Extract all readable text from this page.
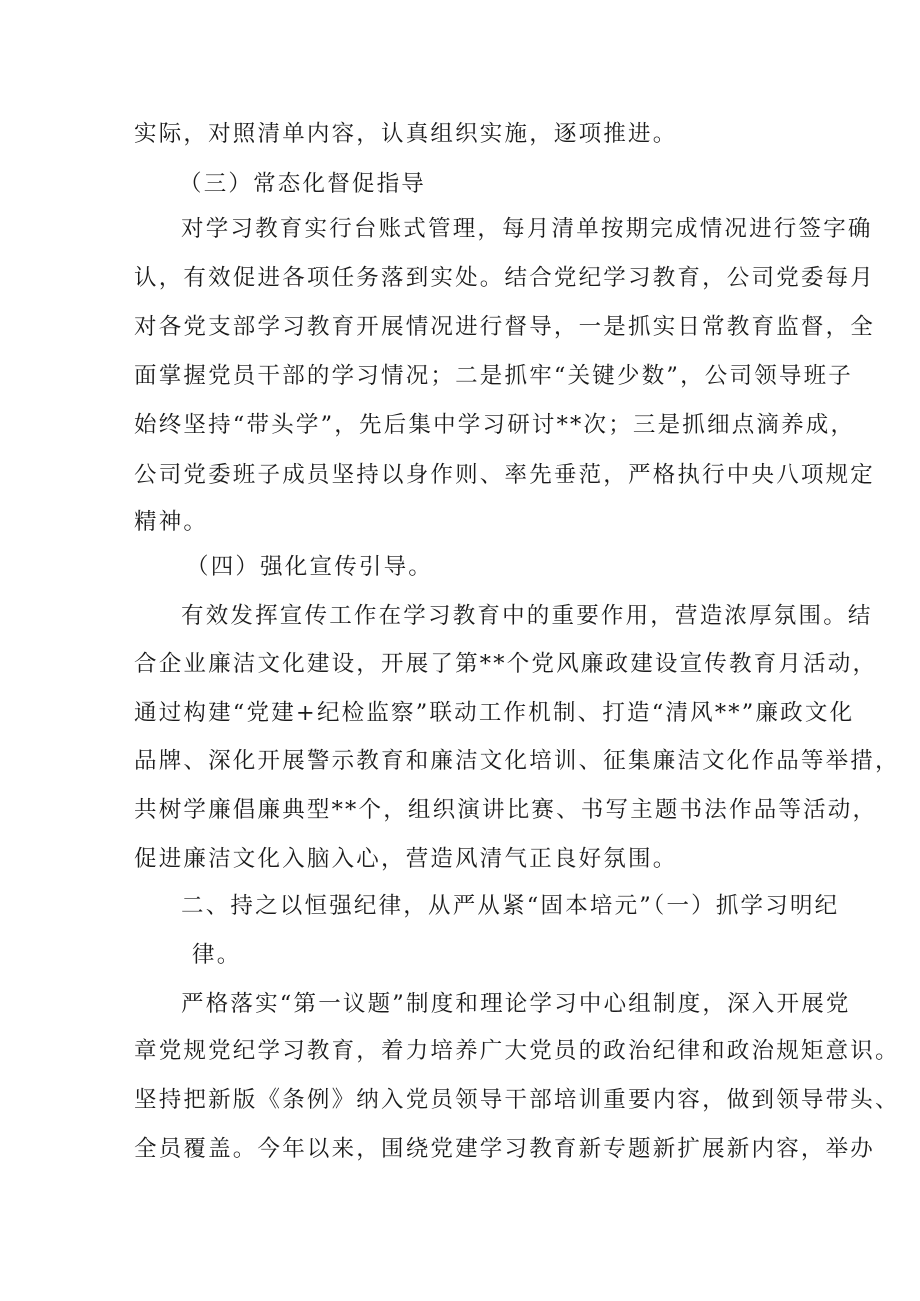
实际，对照清单内容，认真组织实施，逐项推进。
（三）常态化督促指导
对学习教育实行台账式管理，每月清单按期完成情况进行签字确
认，有效促进各项任务落到实处。结合党纪学习教育，公司党委每月
对各党支部学习教育开展情况进行督导，一是抓实日常教育监督，全
面掌握党员干部的学习情况；二是抓牢“关键少数”，公司领导班子
始终坚持“带头学”，先后集中学习研讨**次；三是抓细点滴养成，
公司党委班子成员坚持以身作则、率先垂范，严格执行中央八项规定
精神。
（四）强化宣传引导。
有效发挥宣传工作在学习教育中的重要作用，营造浓厚氛围。结
合企业廉洁文化建设，开展了第**个党风廉政建设宣传教育月活动，
通过构建“党建+纪检监察”联动工作机制、打造“清风**”廉政文化
品牌、深化开展警示教育和廉洁文化培训、征集廉洁文化作品等举措，
共树学廉倡廉典型**个，组织演讲比赛、书写主题书法作品等活动，
促进廉洁文化入脑入心，营造风清气正良好氛围。
二、持之以恒强纪律，从严从紧“固本培元”（一）抓学习明纪
律。
严格落实“第一议题”制度和理论学习中心组制度，深入开展党
章党规党纪学习教育，着力培养广大党员的政治纪律和政治规矩意识。
坚持把新版《条例》纳入党员领导干部培训重要内容，做到领导带头、
全员覆盖。今年以来，围绕党建学习教育新专题新扩展新内容，举办
